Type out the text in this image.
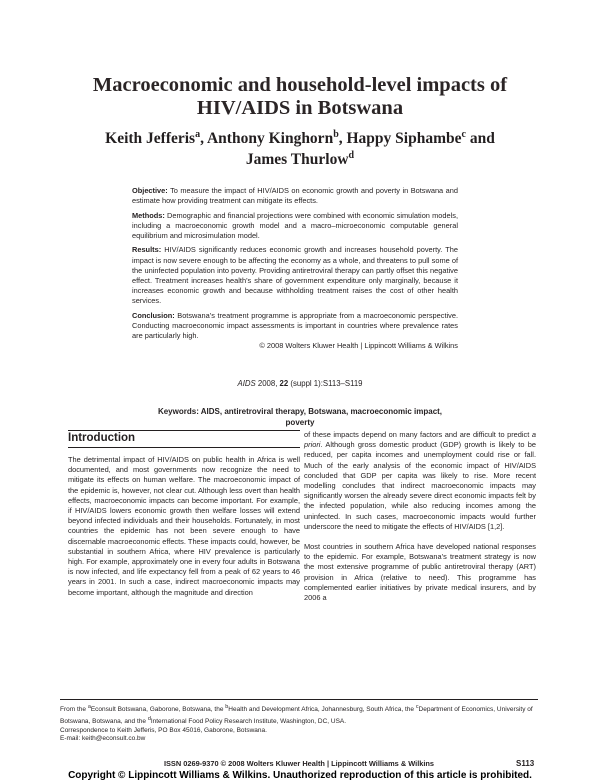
Macroeconomic and household-level impacts of HIV/AIDS in Botswana
Keith Jefferis$^a$, Anthony Kinghorn$^b$, Happy Siphambe$^c$ and
James Thurlow$^d$

Objective: To measure the impact of HIV/AIDS on economic growth and poverty in Botswana and estimate how providing treatment can mitigate its effects.

Methods: Demographic and financial projections were combined with economic simulation models, including a macroeconomic growth model and a macro–microeconomic computable general equilibrium and microsimulation model.

Results: HIV/AIDS significantly reduces economic growth and increases household poverty. The impact is now severe enough to be affecting the economy as a whole, and threatens to pull some of the uninfected population into poverty. Providing antiretroviral therapy can partly offset this negative effect. Treatment increases health’s share of government expenditure only marginally, because it increases economic growth and because withholding treatment raises the cost of other health services.

Conclusion: Botswana’s treatment programme is appropriate from a macroeconomic perspective. Conducting macroeconomic impact assessments is important in countries where prevalence rates are particularly high.

© 2008 Wolters Kluwer Health | Lippincott Williams & Wilkins

AIDS 2008, 22 (suppl 1):S113–S119
Keywords: AIDS, antiretroviral therapy, Botswana, macroeconomic impact, poverty
Introduction

The detrimental impact of HIV/AIDS on public health in Africa is well documented, and most governments now recognize the need to mitigate its effects on human welfare. The macroeconomic impact of the epidemic is, however, not clear cut. Although less overt than health effects, macroeconomic impacts can become important. For example, if HIV/AIDS lowers economic growth then welfare losses will extend beyond infected individuals and their households. Fortunately, in most countries the epidemic has not been severe enough to have discernable macroeconomic effects. These impacts could, however, be substantial in southern Africa, where HIV prevalence is particularly high. For example, approximately one in every four adults in Botswana is now infected, and life expectancy fell from a peak of 62 years to 46 years in 2001. In such a case, indirect macroeconomic impacts may become important, although the magnitude and direction

of these impacts depend on many factors and are difficult to predict a priori. Although gross domestic product (GDP) growth is likely to be reduced, per capita incomes and unemployment could rise or fall. Much of the early analysis of the economic impact of HIV/AIDS concluded that GDP per capita was likely to rise. More recent modelling concludes that indirect macroeconomic impacts may significantly worsen the already severe direct economic impacts felt by the infected population, while also reducing incomes among the uninfected. In such cases, macroeconomic impacts would further underscore the need to mitigate the effects of HIV/AIDS [1,2].

Most countries in southern Africa have developed national responses to the epidemic. For example, Botswana’s treatment strategy is now the most extensive programme of public antiretroviral therapy (ART) provision in Africa (relative to need). This programme has complemented earlier initiatives by private medical insurers, and by 2006 a

From the $^a$Econsult Botswana, Gaborone, Botswana, the $^b$Health and Development Africa, Johannesburg, South Africa, the $^c$Department of Economics, University of Botswana, Botswana, and the $^d$International Food Policy Research Institute, Washington, DC, USA.
Correspondence to Keith Jefferis, PO Box 45016, Gaborone, Botswana.
E-mail: keith@econsult.co.bw
ISSN 0269-9370 © 2008 Wolters Kluwer Health | Lippincott Williams & Wilkins	S113
Copyright © Lippincott Williams & Wilkins. Unauthorized reproduction of this article is prohibited.
